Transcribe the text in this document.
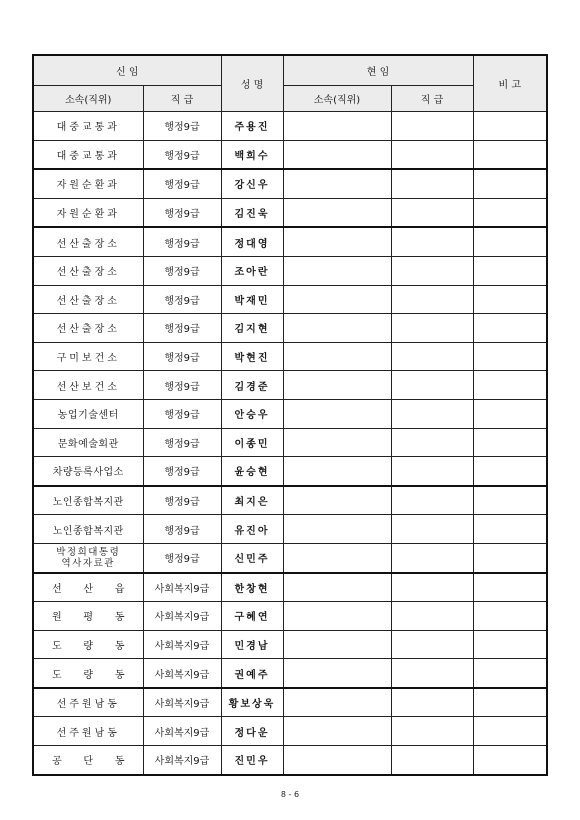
신 임		성 명	현 임		비 고
소속(직위)	직 급		소속(직위)	직 급	
대중교통과	행정9급	주용진			
대중교통과	행정9급	백희수			
자원순환과	행정9급	강신우			
자원순환과	행정9급	김진욱			
선산출장소	행정9급	정대영			
선산출장소	행정9급	조아란			
선산출장소	행정9급	박재민			
선산출장소	행정9급	김지현			
구미보건소	행정9급	박현진			
선산보건소	행정9급	김경준			
농업기술센터	행정9급	안승우			
문화예술회관	행정9급	이종민			
차량등록사업소	행정9급	윤승현			
노인종합복지관	행정9급	최지은			
노인종합복지관	행정9급	유진아			
박정희대통령
역사자료관	행정9급	신민주			

선 산 읍	사회복지9급	한창현			

원 평 동	사회복지9급	구혜연			

도 량 동	사회복지9급	민경남			

도 량 동	사회복지9급	권예주			
선주원남동	사회복지9급	황보상욱			
선주원남동	사회복지9급	정다운			

공 단 동	사회복지9급	진민우			
8 - 6
